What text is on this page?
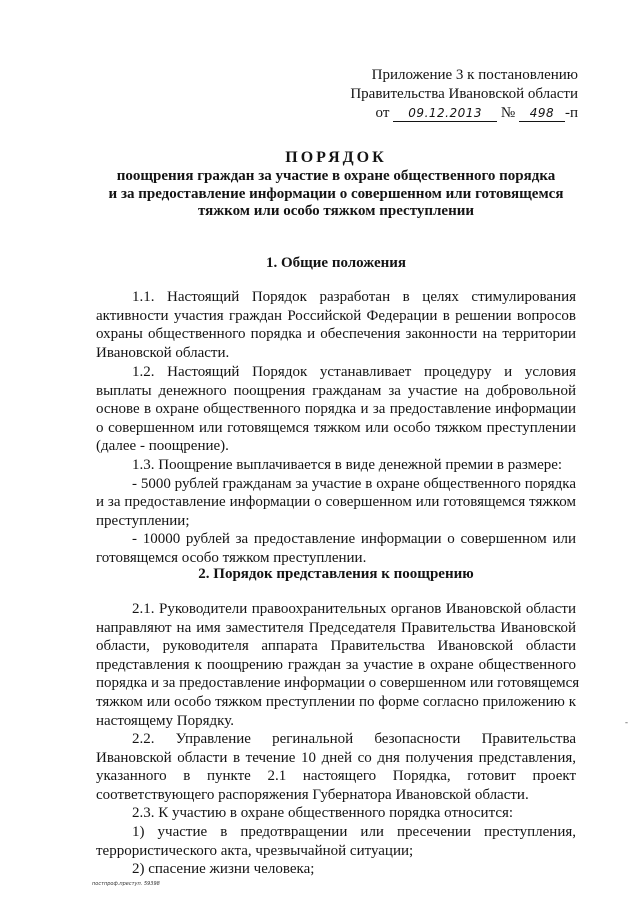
Приложение 3 к постановлению
Правительства Ивановской области
от 09.12.2013 № 498 -п
ПОРЯДОК
поощрения граждан за участие в охране общественного порядка
и за предоставление информации о совершенном или готовящемся
тяжком или особо тяжком преступлении
1. Общие положения
1.1. Настоящий Порядок разработан в целях стимулирования
активности участия граждан Российской Федерации в решении вопросов
охраны общественного порядка и обеспечения законности на территории
Ивановской области.
1.2. Настоящий Порядок устанавливает процедуру и условия
выплаты денежного поощрения гражданам за участие на добровольной
основе в охране общественного порядка и за предоставление информации
о совершенном или готовящемся тяжком или особо тяжком преступлении
(далее - поощрение).
1.3. Поощрение выплачивается в виде денежной премии в размере:
- 5000 рублей гражданам за участие в охране общественного порядка
и за предоставление информации о совершенном или готовящемся тяжком
преступлении;
- 10000 рублей за предоставление информации о совершенном или
готовящемся особо тяжком преступлении.
2. Порядок представления к поощрению
2.1. Руководители правоохранительных органов Ивановской области
направляют на имя заместителя Председателя Правительства Ивановской
области, руководителя аппарата Правительства Ивановской области
представления к поощрению граждан за участие в охране общественного
порядка и за предоставление информации о совершенном или готовящемся
тяжком или особо тяжком преступлении по форме согласно приложению к
настоящему Порядку.
2.2. Управление регинальной безопасности Правительства
Ивановской области в течение 10 дней со дня получения представления,
указанного в пункте 2.1 настоящего Порядка, готовит проект
соответствующего распоряжения Губернатора Ивановской области.
2.3. К участию в охране общественного порядка относится:
1) участие в предотвращении или пресечении преступления,
террористического акта, чрезвычайной ситуации;
2) спасение жизни человека;
-
постпроф.преступ. 59398
